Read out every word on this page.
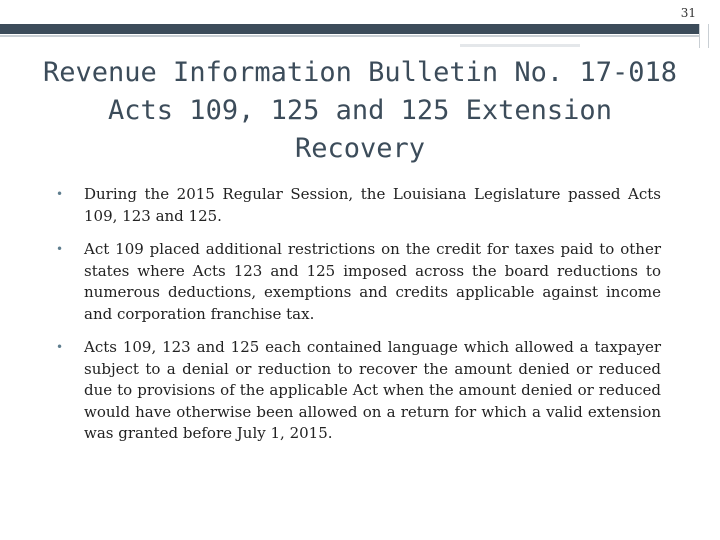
31
Revenue Information Bulletin No. 17-018
Acts 109, 125 and 125 Extension
Recovery
• During the 2015 Regular Session, the Louisiana Legislature passed Acts 109, 123 and 125.
• Act 109 placed additional restrictions on the credit for taxes paid to other states where Acts 123 and 125 imposed across the board reductions to numerous deductions, exemptions and credits applicable against income and corporation franchise tax.
• Acts 109, 123 and 125 each contained language which allowed a taxpayer subject to a denial or reduction to recover the amount denied or reduced due to provisions of the applicable Act when the amount denied or reduced would have otherwise been allowed on a return for which a valid extension was granted before July 1, 2015.
